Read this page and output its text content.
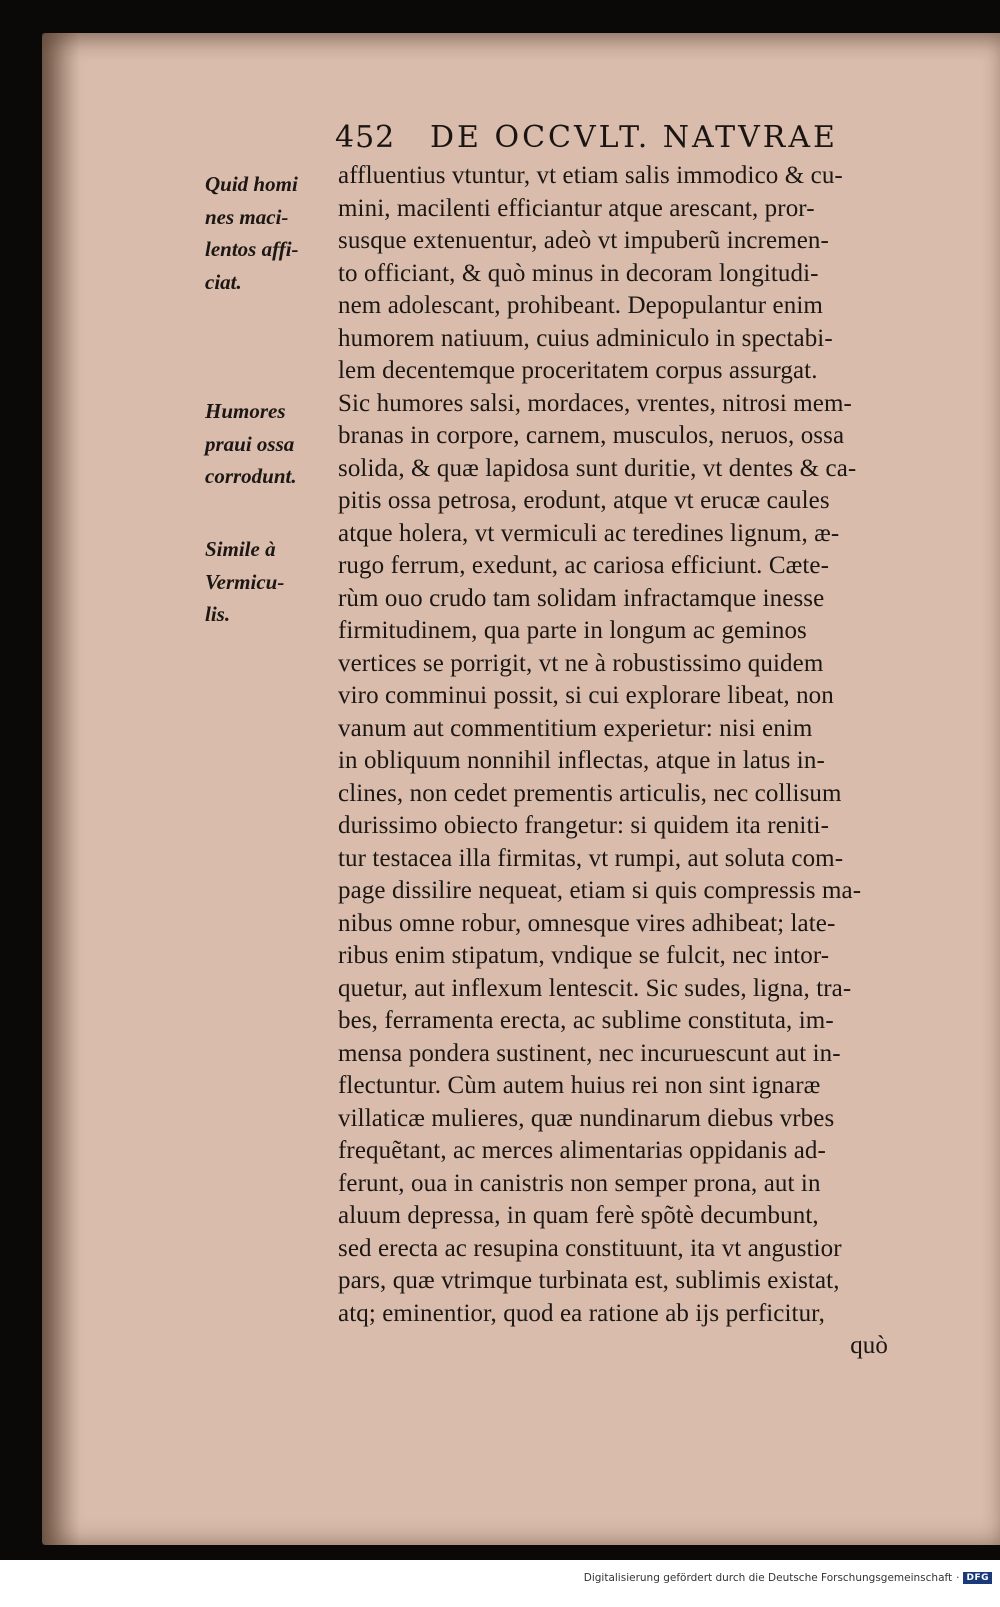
452 DE OCCVLT. NATVRAE
Quid homi
nes maci-
lentos affi-
ciat.
Humores
praui ossa
corrodunt.
Simile à
Vermicu-
lis.
affluentius vtuntur, vt etiam salis immodico & cu-
mini, macilenti efficiantur atque arescant, pror-
susque extenuentur, adeò vt impuberũ incremen-
to officiant, & quò minus in decoram longitudi-
nem adolescant, prohibeant. Depopulantur enim
humorem natiuum, cuius adminiculo in spectabi-
lem decentemque proceritatem corpus assurgat.
Sic humores salsi, mordaces, vrentes, nitrosi mem-
branas in corpore, carnem, musculos, neruos, ossa
solida, & quæ lapidosa sunt duritie, vt dentes & ca-
pitis ossa petrosa, erodunt, atque vt erucæ caules
atque holera, vt vermiculi ac teredines lignum, æ-
rugo ferrum, exedunt, ac cariosa efficiunt. Cæte-
rùm ouo crudo tam solidam infractamque inesse
firmitudinem, qua parte in longum ac geminos
vertices se porrigit, vt ne à robustissimo quidem
viro comminui possit, si cui explorare libeat, non
vanum aut commentitium experietur: nisi enim
in obliquum nonnihil inflectas, atque in latus in-
clines, non cedet prementis articulis, nec collisum
durissimo obiecto frangetur: si quidem ita reniti-
tur testacea illa firmitas, vt rumpi, aut soluta com-
page dissilire nequeat, etiam si quis compressis ma-
nibus omne robur, omnesque vires adhibeat; late-
ribus enim stipatum, vndique se fulcit, nec intor-
quetur, aut inflexum lentescit. Sic sudes, ligna, tra-
bes, ferramenta erecta, ac sublime constituta, im-
mensa pondera sustinent, nec incuruescunt aut in-
flectuntur. Cùm autem huius rei non sint ignaræ
villaticæ mulieres, quæ nundinarum diebus vrbes
frequẽtant, ac merces alimentarias oppidanis ad-
ferunt, oua in canistris non semper prona, aut in
aluum depressa, in quam ferè spõtè decumbunt,
sed erecta ac resupina constituunt, ita vt angustior
pars, quæ vtrimque turbinata est, sublimis existat,
atq; eminentior, quod ea ratione ab ijs perficitur,
quò
Digitalisierung gefördert durch die Deutsche Forschungsgemeinschaft · DFG
